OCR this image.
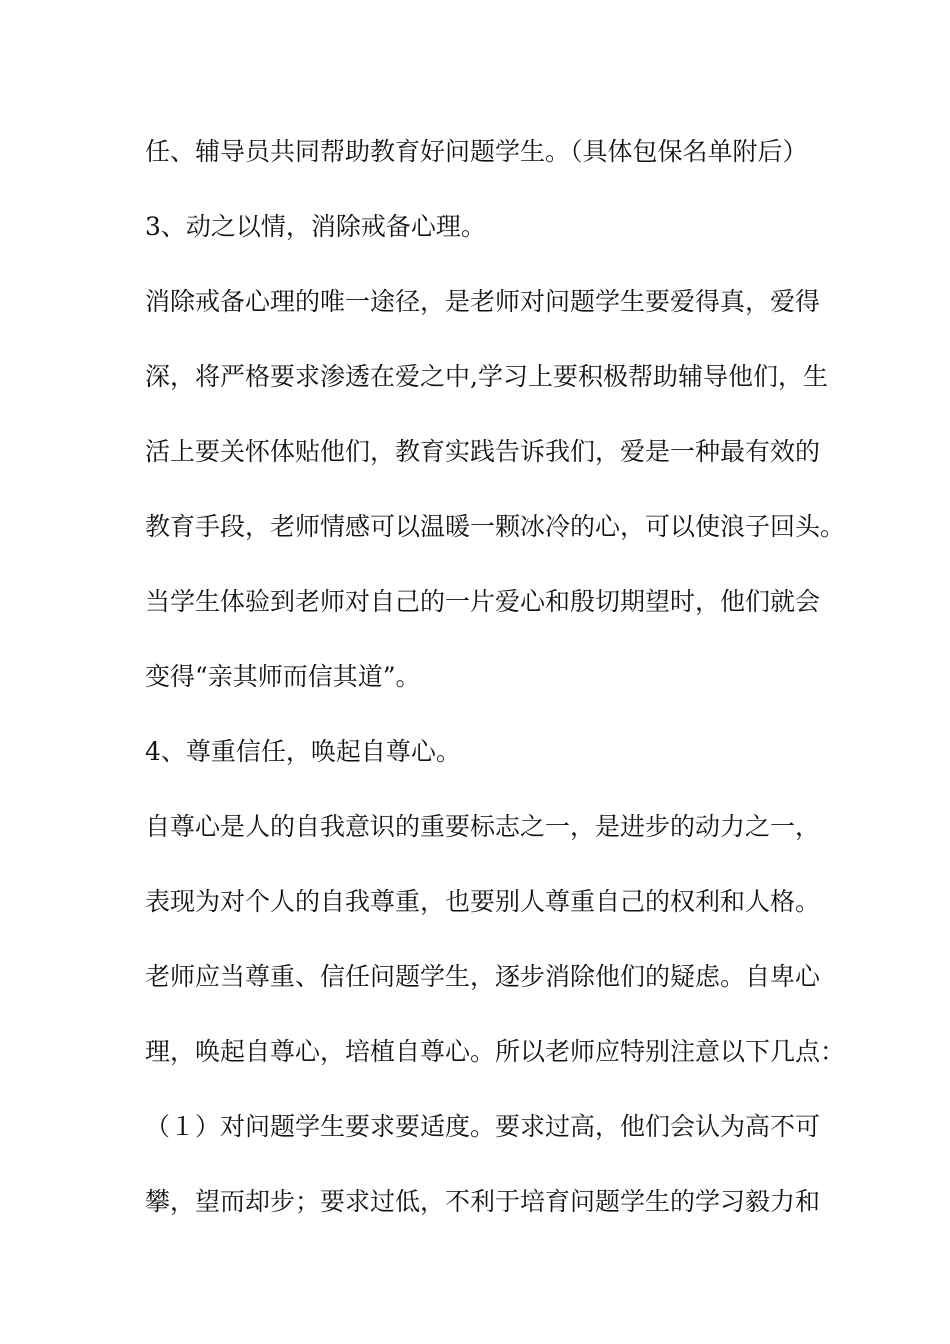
任、辅导员共同帮助教育好问题学生。（具体包保名单附后）

3、动之以情，消除戒备心理。

消除戒备心理的唯一途径，是老师对问题学生要爱得真，爱得

深，将严格要求渗透在爱之中,学习上要积极帮助辅导他们，生

活上要关怀体贴他们，教育实践告诉我们，爱是一种最有效的

教育手段，老师情感可以温暖一颗冰冷的心，可以使浪子回头。

当学生体验到老师对自己的一片爱心和殷切期望时，他们就会

变得“亲其师而信其道”。

4、尊重信任，唤起自尊心。

自尊心是人的自我意识的重要标志之一，是进步的动力之一，

表现为对个人的自我尊重，也要别人尊重自己的权利和人格。

老师应当尊重、信任问题学生，逐步消除他们的疑虑。自卑心

理，唤起自尊心，培植自尊心。所以老师应特别注意以下几点：

（１）对问题学生要求要适度。要求过高，他们会认为高不可

攀，望而却步；要求过低，不利于培育问题学生的学习毅力和
